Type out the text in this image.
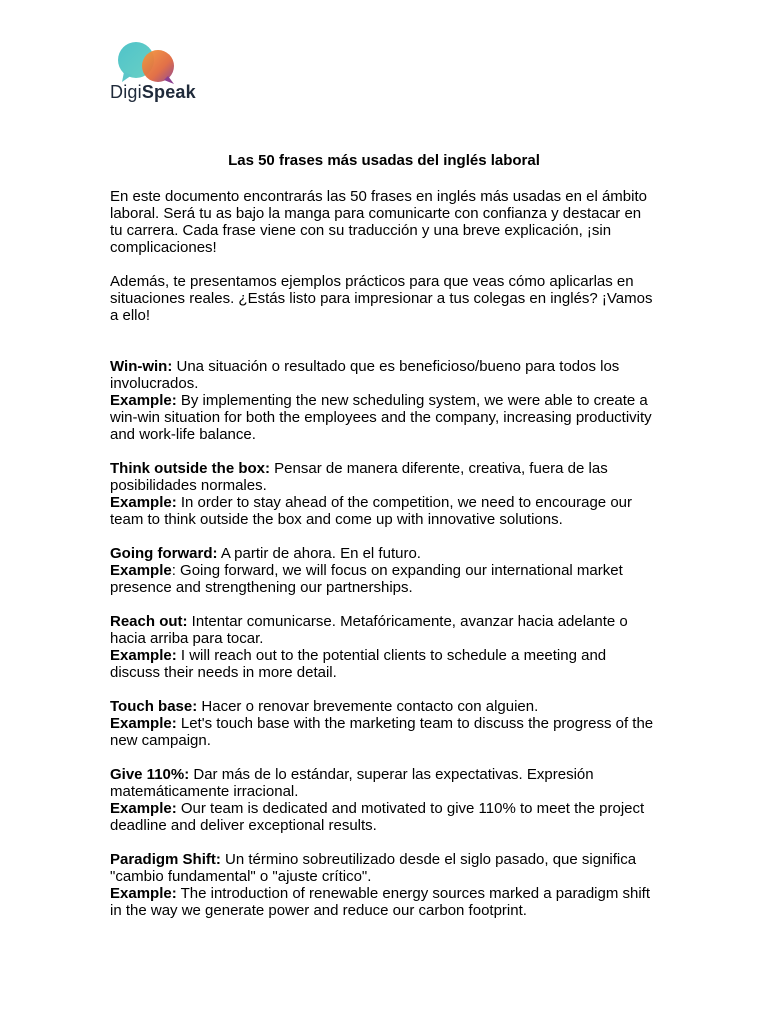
DigiSpeak
Las 50 frases más usadas del inglés laboral

En este documento encontrarás las 50 frases en inglés más usadas en el ámbito laboral. Será tu as bajo la manga para comunicarte con confianza y destacar en tu carrera. Cada frase viene con su traducción y una breve explicación, ¡sin complicaciones!

Además, te presentamos ejemplos prácticos para que veas cómo aplicarlas en situaciones reales. ¿Estás listo para impresionar a tus colegas en inglés? ¡Vamos a ello!

Win-win: Una situación o resultado que es beneficioso/bueno para todos los involucrados.

Example: By implementing the new scheduling system, we were able to create a win-win situation for both the employees and the company, increasing productivity and work-life balance.

Think outside the box: Pensar de manera diferente, creativa, fuera de las posibilidades normales.

Example: In order to stay ahead of the competition, we need to encourage our team to think outside the box and come up with innovative solutions.

Going forward: A partir de ahora. En el futuro.

Example: Going forward, we will focus on expanding our international market presence and strengthening our partnerships.

Reach out: Intentar comunicarse. Metafóricamente, avanzar hacia adelante o hacia arriba para tocar.

Example: I will reach out to the potential clients to schedule a meeting and discuss their needs in more detail.

Touch base: Hacer o renovar brevemente contacto con alguien.

Example: Let's touch base with the marketing team to discuss the progress of the new campaign.

Give 110%: Dar más de lo estándar, superar las expectativas. Expresión matemáticamente irracional.

Example: Our team is dedicated and motivated to give 110% to meet the project deadline and deliver exceptional results.

Paradigm Shift: Un término sobreutilizado desde el siglo pasado, que significa "cambio fundamental" o "ajuste crítico".

Example: The introduction of renewable energy sources marked a paradigm shift in the way we generate power and reduce our carbon footprint.
